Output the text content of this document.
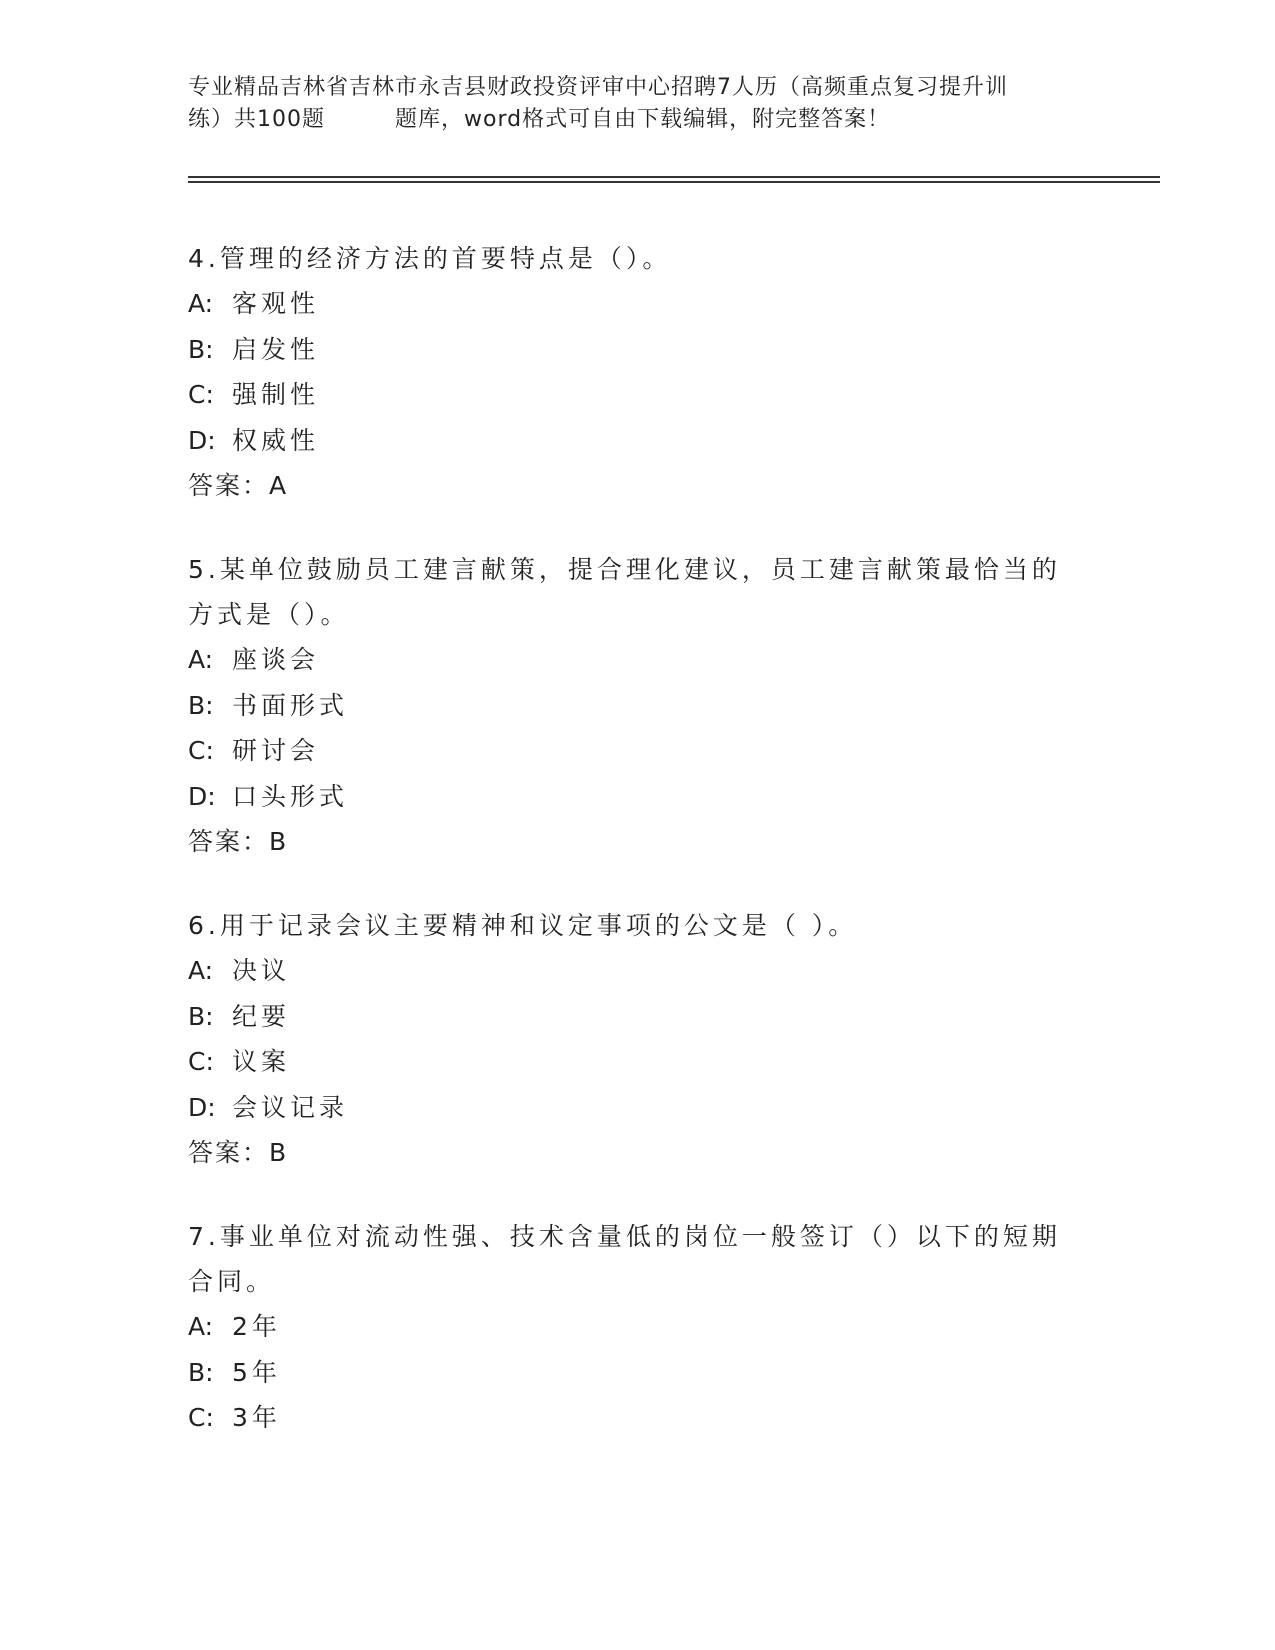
专业精品吉林省吉林市永吉县财政投资评审中心招聘7人历（高频重点复习提升训
练）共100题	题库，word格式可自由下载编辑，附完整答案！
4.管理的经济方法的首要特点是（）。
A: 客观性
B: 启发性
C: 强制性
D: 权威性
答案：A
5.某单位鼓励员工建言献策，提合理化建议，员工建言献策最恰当的
方式是（）。
A: 座谈会
B: 书面形式
C: 研讨会
D: 口头形式
答案：B
6.用于记录会议主要精神和议定事项的公文是（ ）。
A: 决议
B: 纪要
C: 议案
D: 会议记录
答案：B
7.事业单位对流动性强、技术含量低的岗位一般签订（）以下的短期
合同。
A: 2年
B: 5年
C: 3年
